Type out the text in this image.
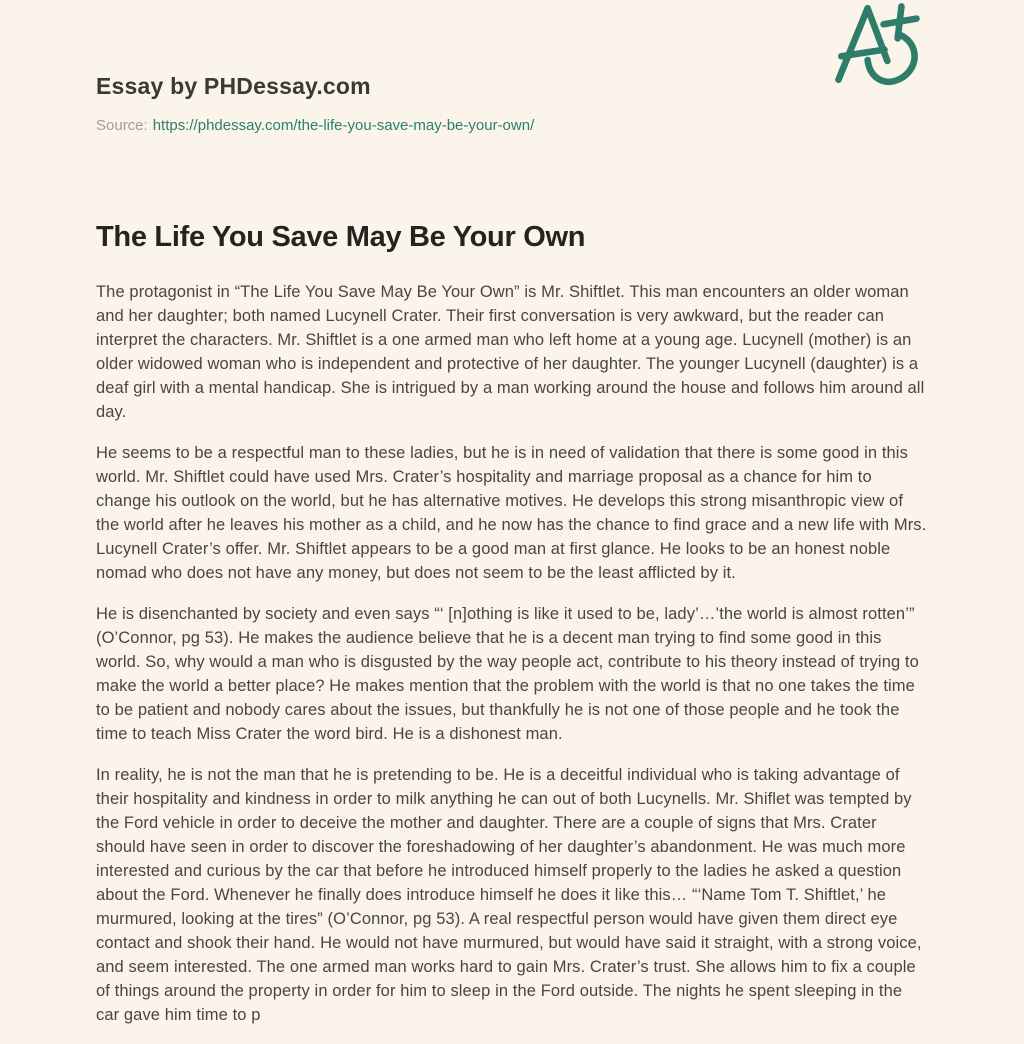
Essay by PHDessay.com
Source: https://phdessay.com/the-life-you-save-may-be-your-own/
The Life You Save May Be Your Own

The protagonist in “The Life You Save May Be Your Own” is Mr. Shiftlet. This man encounters an older woman and her daughter; both named Lucynell Crater. Their first conversation is very awkward, but the reader can interpret the characters. Mr. Shiftlet is a one armed man who left home at a young age. Lucynell (mother) is an older widowed woman who is independent and protective of her daughter. The younger Lucynell (daughter) is a deaf girl with a mental handicap. She is intrigued by a man working around the house and follows him around all day.

He seems to be a respectful man to these ladies, but he is in need of validation that there is some good in this world. Mr. Shiftlet could have used Mrs. Crater’s hospitality and marriage proposal as a chance for him to change his outlook on the world, but he has alternative motives. He develops this strong misanthropic view of the world after he leaves his mother as a child, and he now has the chance to find grace and a new life with Mrs. Lucynell Crater’s offer. Mr. Shiftlet appears to be a good man at first glance. He looks to be an honest noble nomad who does not have any money, but does not seem to be the least afflicted by it.

He is disenchanted by society and even says “‘ [n]othing is like it used to be, lady’…’the world is almost rotten’” (O’Connor, pg 53). He makes the audience believe that he is a decent man trying to find some good in this world. So, why would a man who is disgusted by the way people act, contribute to his theory instead of trying to make the world a better place? He makes mention that the problem with the world is that no one takes the time to be patient and nobody cares about the issues, but thankfully he is not one of those people and he took the time to teach Miss Crater the word bird. He is a dishonest man.

In reality, he is not the man that he is pretending to be. He is a deceitful individual who is taking advantage of their hospitality and kindness in order to milk anything he can out of both Lucynells. Mr. Shiflet was tempted by the Ford vehicle in order to deceive the mother and daughter. There are a couple of signs that Mrs. Crater should have seen in order to discover the foreshadowing of her daughter’s abandonment. He was much more interested and curious by the car that before he introduced himself properly to the ladies he asked a question about the Ford. Whenever he finally does introduce himself he does it like this… “‘Name Tom T. Shiftlet,’ he murmured, looking at the tires” (O’Connor, pg 53). A real respectful person would have given them direct eye contact and shook their hand. He would not have murmured, but would have said it straight, with a strong voice, and seem interested. The one armed man works hard to gain Mrs. Crater’s trust. She allows him to fix a couple of things around the property in order for him to sleep in the Ford outside. The nights he spent sleeping in the car gave him time to p
